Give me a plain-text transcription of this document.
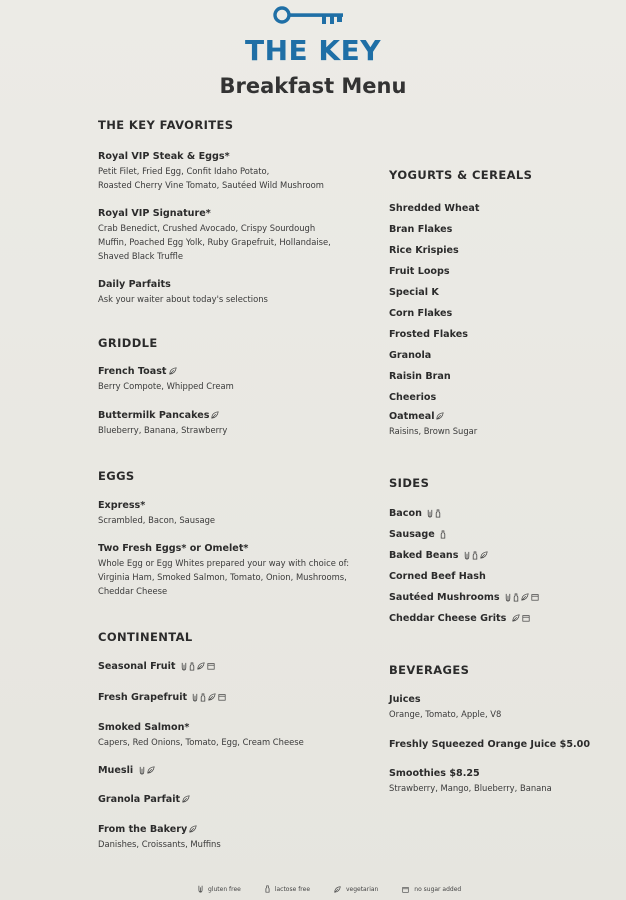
THE KEY
Breakfast Menu
THE KEY FAVORITES
Royal VIP Steak & Eggs*
Petit Filet, Fried Egg, Confit Idaho Potato,
Roasted Cherry Vine Tomato, Sautéed Wild Mushroom
Royal VIP Signature*
Crab Benedict, Crushed Avocado, Crispy Sourdough
Muffin, Poached Egg Yolk, Ruby Grapefruit, Hollandaise,
Shaved Black Truffle
Daily Parfaits
Ask your waiter about today's selections
GRIDDLE
French Toast
Berry Compote, Whipped Cream
Buttermilk Pancakes
Blueberry, Banana, Strawberry
EGGS
Express*
Scrambled, Bacon, Sausage
Two Fresh Eggs* or Omelet*
Whole Egg or Egg Whites prepared your way with choice of:
Virginia Ham, Smoked Salmon, Tomato, Onion, Mushrooms,
Cheddar Cheese
CONTINENTAL
Seasonal Fruit
Fresh Grapefruit
Smoked Salmon*
Capers, Red Onions, Tomato, Egg, Cream Cheese
Muesli
Granola Parfait
From the Bakery
Danishes, Croissants, Muffins
YOGURTS & CEREALS
Shredded Wheat
Bran Flakes
Rice Krispies
Fruit Loops
Special K
Corn Flakes
Frosted Flakes
Granola
Raisin Bran
Cheerios
Oatmeal
Raisins, Brown Sugar
SIDES
Bacon
Sausage
Baked Beans
Corned Beef Hash
Sautéed Mushrooms
Cheddar Cheese Grits
BEVERAGES
Juices
Orange, Tomato, Apple, V8
Freshly Squeezed Orange Juice $5.00
Smoothies $8.25
Strawberry, Mango, Blueberry, Banana
gluten free
	lactose free
	vegetarian
	no sugar added
